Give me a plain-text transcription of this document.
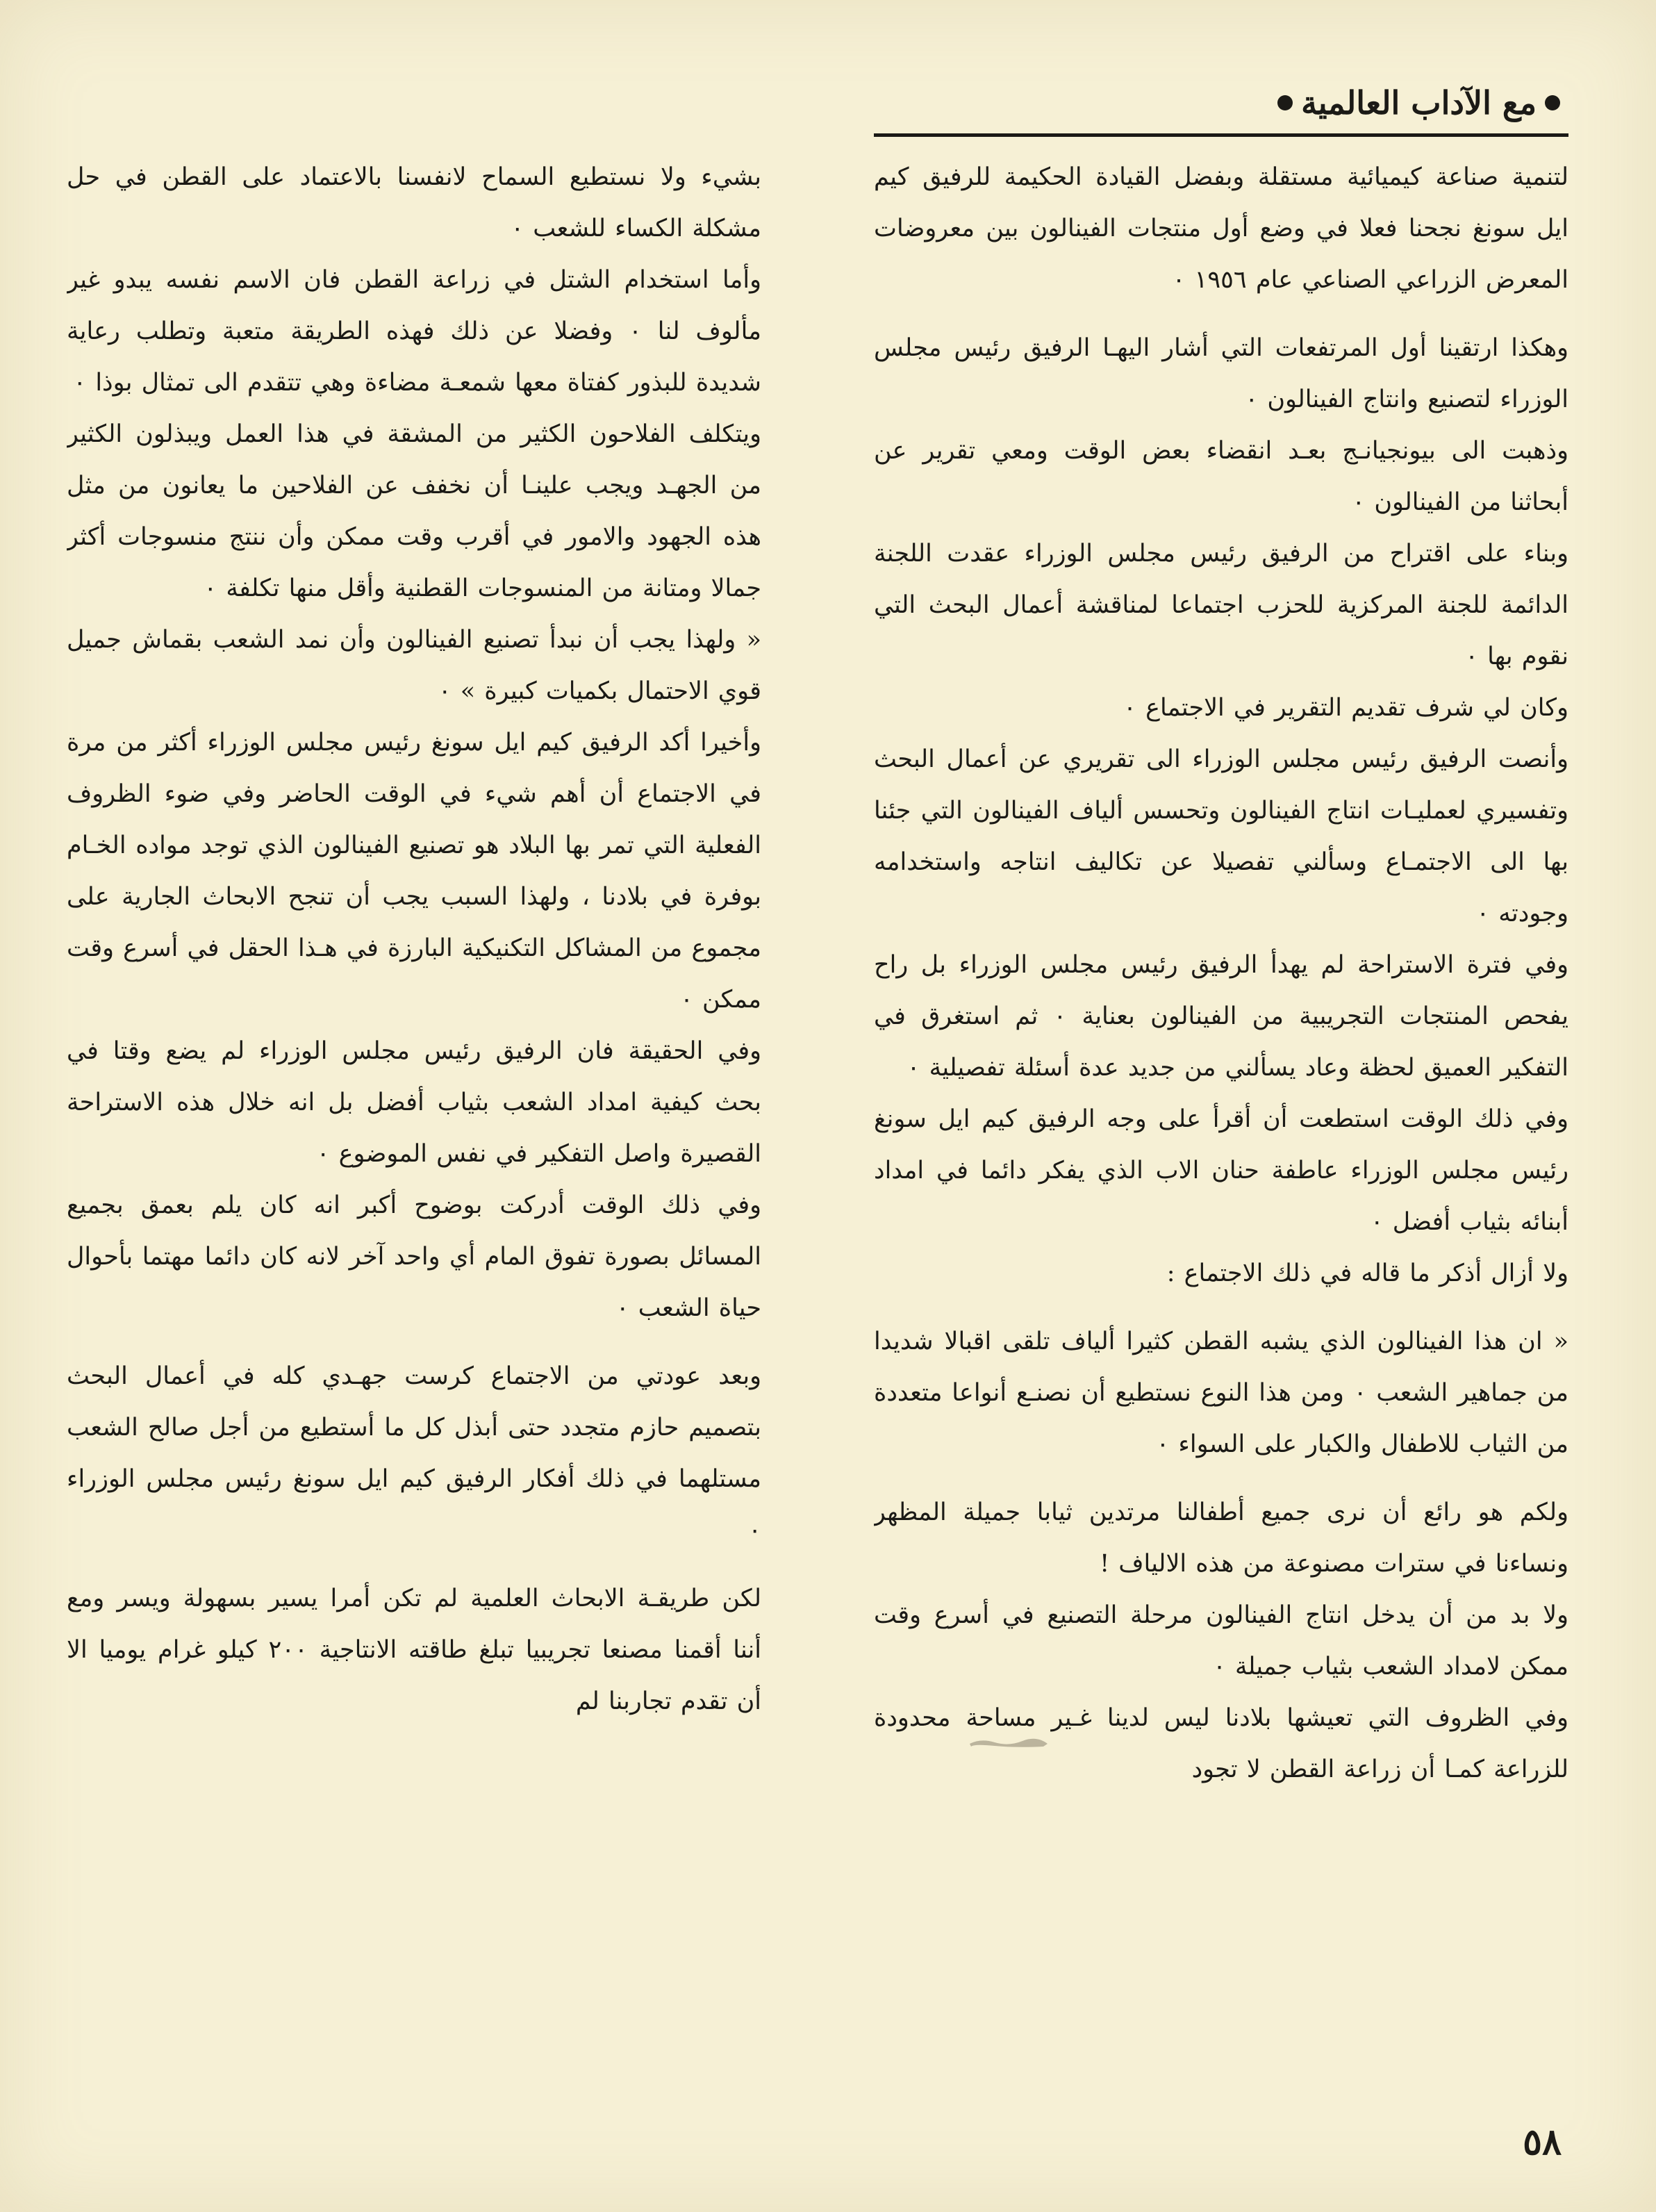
مع الآداب العالمية

لتنمية صناعة كيميائية مستقلة وبفضل القيادة الحكيمة للرفيق كيم ايل سونغ نجحنا فعلا في وضع أول منتجات الفينالون بين معروضات المعرض الزراعي الصناعي عام ١٩٥٦ ٠

وهكذا ارتقينا أول المرتفعات التي أشار اليهـا الرفيق رئيس مجلس الوزراء لتصنيع وانتاج الفينالون ٠

وذهبت الى بيونجيانـج بعـد انقضاء بعض الوقت ومعي تقرير عن أبحاثنا من الفينالون ٠

وبناء على اقتراح من الرفيق رئيس مجلس الوزراء عقدت اللجنة الدائمة للجنة المركزية للحزب اجتماعا لمناقشة أعمال البحث التي نقوم بها ٠

وكان لي شرف تقديم التقرير في الاجتماع ٠

وأنصت الرفيق رئيس مجلس الوزراء الى تقريري عن أعمال البحث وتفسيري لعمليـات انتاج الفينالون وتحسس ألياف الفينالون التي جئنا بها الى الاجتمـاع وسألني تفصيلا عن تكاليف انتاجه واستخدامه وجودته ٠

وفي فترة الاستراحة لم يهدأ الرفيق رئيس مجلس الوزراء بل راح يفحص المنتجات التجريبية من الفينالون بعناية ٠ ثم استغرق في التفكير العميق لحظة وعاد يسألني من جديد عدة أسئلة تفصيلية ٠

وفي ذلك الوقت استطعت أن أقرأ على وجه الرفيق كيم ايل سونغ رئيس مجلس الوزراء عاطفة حنان الاب الذي يفكر دائما في امداد أبنائه بثياب أفضل ٠

ولا أزال أذكر ما قاله في ذلك الاجتماع :

« ان هذا الفينالون الذي يشبه القطن كثيرا ألياف تلقى اقبالا شديدا من جماهير الشعب ٠ ومن هذا النوع نستطيع أن نصنـع أنواعا متعددة من الثياب للاطفال والكبار على السواء ٠

ولكم هو رائع أن نرى جميع أطفالنا مرتدين ثيابا جميلة المظهر ونساءنا في سترات مصنوعة من هذه الالياف !

ولا بد من أن يدخل انتاج الفينالون مرحلة التصنيع في أسرع وقت ممكن لامداد الشعب بثياب جميلة ٠

وفي الظروف التي تعيشها بلادنا ليس لدينا غـير مساحة محدودة للزراعة كمـا أن زراعة القطن لا تجود

بشيء ولا نستطيع السماح لانفسنا بالاعتماد على القطن في حل مشكلة الكساء للشعب ٠

وأما استخدام الشتل في زراعة القطن فان الاسم نفسه يبدو غير مألوف لنا ٠ وفضلا عن ذلك فهذه الطريقة متعبة وتطلب رعاية شديدة للبذور كفتاة معها شمعـة مضاءة وهي تتقدم الى تمثال بوذا ٠

ويتكلف الفلاحون الكثير من المشقة في هذا العمل ويبذلون الكثير من الجهـد ويجب علينـا أن نخفف عن الفلاحين ما يعانون من مثل هذه الجهود والامور في أقرب وقت ممكن وأن ننتج منسوجات أكثر جمالا ومتانة من المنسوجات القطنية وأقل منها تكلفة ٠

« ولهذا يجب أن نبدأ تصنيع الفينالون وأن نمد الشعب بقماش جميل قوي الاحتمال بكميات كبيرة » ٠

وأخيرا أكد الرفيق كيم ايل سونغ رئيس مجلس الوزراء أكثر من مرة في الاجتماع أن أهم شيء في الوقت الحاضر وفي ضوء الظروف الفعلية التي تمر بها البلاد هو تصنيع الفينالون الذي توجد مواده الخـام بوفرة في بلادنا ، ولهذا السبب يجب أن تنجح الابحاث الجارية على مجموع من المشاكل التكنيكية البارزة في هـذا الحقل في أسرع وقت ممكن ٠

وفي الحقيقة فان الرفيق رئيس مجلس الوزراء لم يضع وقتا في بحث كيفية امداد الشعب بثياب أفضل بل انه خلال هذه الاستراحة القصيرة واصل التفكير في نفس الموضوع ٠

وفي ذلك الوقت أدركت بوضوح أكبر انه كان يلم بعمق بجميع المسائل بصورة تفوق المام أي واحد آخر لانه كان دائما مهتما بأحوال حياة الشعب ٠

وبعد عودتي من الاجتماع كرست جهـدي كله في أعمال البحث بتصميم حازم متجدد حتى أبذل كل ما أستطيع من أجل صالح الشعب مستلهما في ذلك أفكار الرفيق كيم ايل سونغ رئيس مجلس الوزراء ٠

لكن طريقـة الابحاث العلمية لم تكن أمرا يسير بسهولة ويسر ومع أننا أقمنا مصنعا تجريبيا تبلغ طاقته الانتاجية ٢٠٠ كيلو غرام يوميا الا أن تقدم تجاربنا لم

٥٨
